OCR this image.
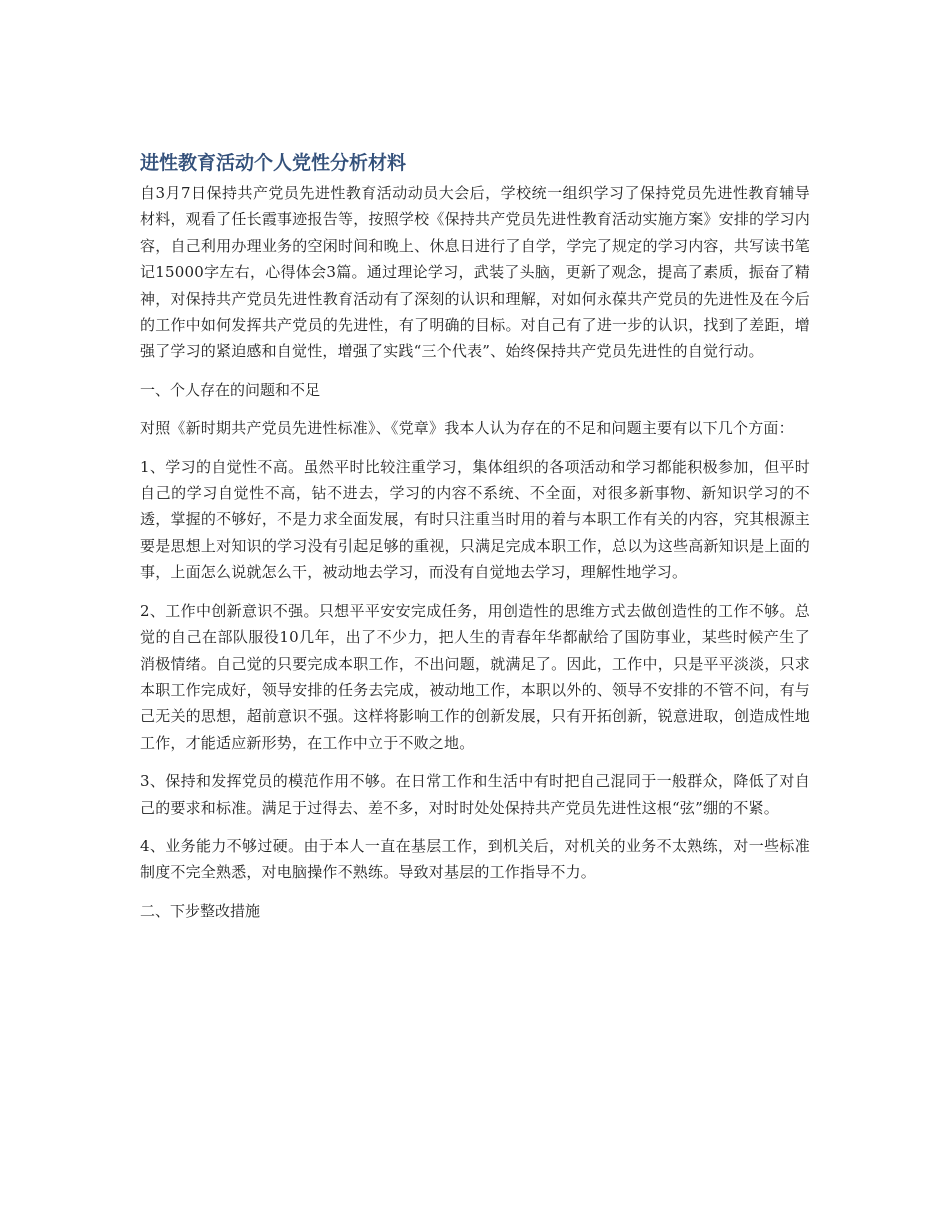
进性教育活动个人党性分析材料

自3月7日保持共产党员先进性教育活动动员大会后，学校统一组织学习了保持党员先进性教育辅导材料，观看了任长霞事迹报告等，按照学校《保持共产党员先进性教育活动实施方案》安排的学习内容，自己利用办理业务的空闲时间和晚上、休息日进行了自学，学完了规定的学习内容，共写读书笔记15000字左右，心得体会3篇。通过理论学习，武装了头脑，更新了观念，提高了素质，振奋了精神，对保持共产党员先进性教育活动有了深刻的认识和理解，对如何永葆共产党员的先进性及在今后的工作中如何发挥共产党员的先进性，有了明确的目标。对自己有了进一步的认识，找到了差距，增强了学习的紧迫感和自觉性，增强了实践“三个代表”、始终保持共产党员先进性的自觉行动。

一、个人存在的问题和不足

对照《新时期共产党员先进性标准》、《党章》我本人认为存在的不足和问题主要有以下几个方面：

1、学习的自觉性不高。虽然平时比较注重学习，集体组织的各项活动和学习都能积极参加，但平时自己的学习自觉性不高，钻不进去，学习的内容不系统、不全面，对很多新事物、新知识学习的不透，掌握的不够好，不是力求全面发展，有时只注重当时用的着与本职工作有关的内容，究其根源主要是思想上对知识的学习没有引起足够的重视，只满足完成本职工作，总以为这些高新知识是上面的事，上面怎么说就怎么干，被动地去学习，而没有自觉地去学习，理解性地学习。

2、工作中创新意识不强。只想平平安安完成任务，用创造性的思维方式去做创造性的工作不够。总觉的自己在部队服役10几年，出了不少力，把人生的青春年华都献给了国防事业，某些时候产生了消极情绪。自己觉的只要完成本职工作，不出问题，就满足了。因此，工作中，只是平平淡淡，只求本职工作完成好，领导安排的任务去完成，被动地工作，本职以外的、领导不安排的不管不问，有与己无关的思想，超前意识不强。这样将影响工作的创新发展，只有开拓创新，锐意进取，创造成性地工作，才能适应新形势，在工作中立于不败之地。

3、保持和发挥党员的模范作用不够。在日常工作和生活中有时把自己混同于一般群众，降低了对自己的要求和标准。满足于过得去、差不多，对时时处处保持共产党员先进性这根“弦”绷的不紧。

4、业务能力不够过硬。由于本人一直在基层工作，到机关后，对机关的业务不太熟练，对一些标准制度不完全熟悉，对电脑操作不熟练。导致对基层的工作指导不力。

二、下步整改措施
